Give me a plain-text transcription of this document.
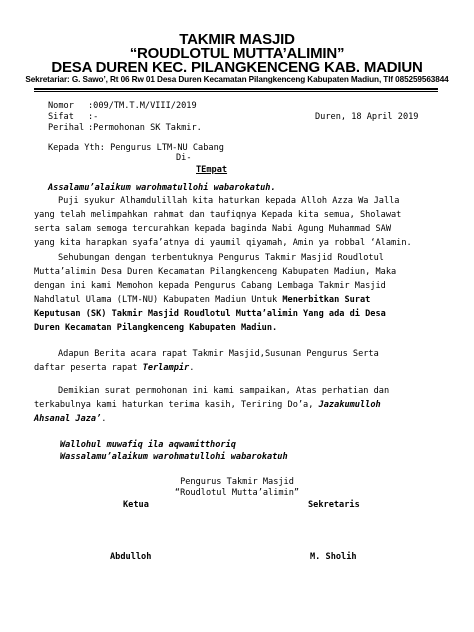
TAKMIR MASJID
“ROUDLOTUL MUTTA’ALIMIN”
DESA DUREN KEC. PILANGKENCENG KAB. MADIUN
Sekretariar: G. Sawo’, Rt 06 Rw 01 Desa Duren Kecamatan Pilangkenceng Kabupaten Madiun, Tlf 085259563844
Nomor :009/TM.T.M/VIII/2019
Sifat :-	Duren, 18 April 2019
Perihal :Permohonan SK Takmir.
Kepada Yth: Pengurus LTM-NU Cabang
Di-
TEmpat
Assalamu’alaikum warohmatullohi wabarokatuh.
Puji syukur Alhamdulillah kita haturkan kepada Alloh Azza Wa Jalla
yang telah melimpahkan rahmat dan taufiqnya Kepada kita semua, Sholawat
serta salam semoga tercurahkan kepada baginda Nabi Agung Muhammad SAW
yang kita harapkan syafa’atnya di yaumil qiyamah, Amin ya robbal ‘Alamin.
Sehubungan dengan terbentuknya Pengurus Takmir Masjid Roudlotul
Mutta’alimin Desa Duren Kecamatan Pilangkenceng Kabupaten Madiun, Maka
dengan ini kami Memohon kepada Pengurus Cabang Lembaga Takmir Masjid
Nahdlatul Ulama (LTM-NU) Kabupaten Madiun Untuk Menerbitkan Surat
Keputusan (SK) Takmir Masjid Roudlotul Mutta’alimin Yang ada di Desa
Duren Kecamatan Pilangkenceng Kabupaten Madiun.
Adapun Berita acara rapat Takmir Masjid,Susunan Pengurus Serta
daftar peserta rapat Terlampir.
Demikian surat permohonan ini kami sampaikan, Atas perhatian dan
terkabulnya kami haturkan terima kasih, Teriring Do’a, Jazakumulloh
Ahsanal Jaza’.
Wallohul muwafiq ila aqwamitthoriq
Wassalamu’alaikum warohmatullohi wabarokatuh
Pengurus Takmir Masjid
“Roudlotul Mutta’alimin”
Ketua	Sekretaris
Abdulloh	M. Sholih
